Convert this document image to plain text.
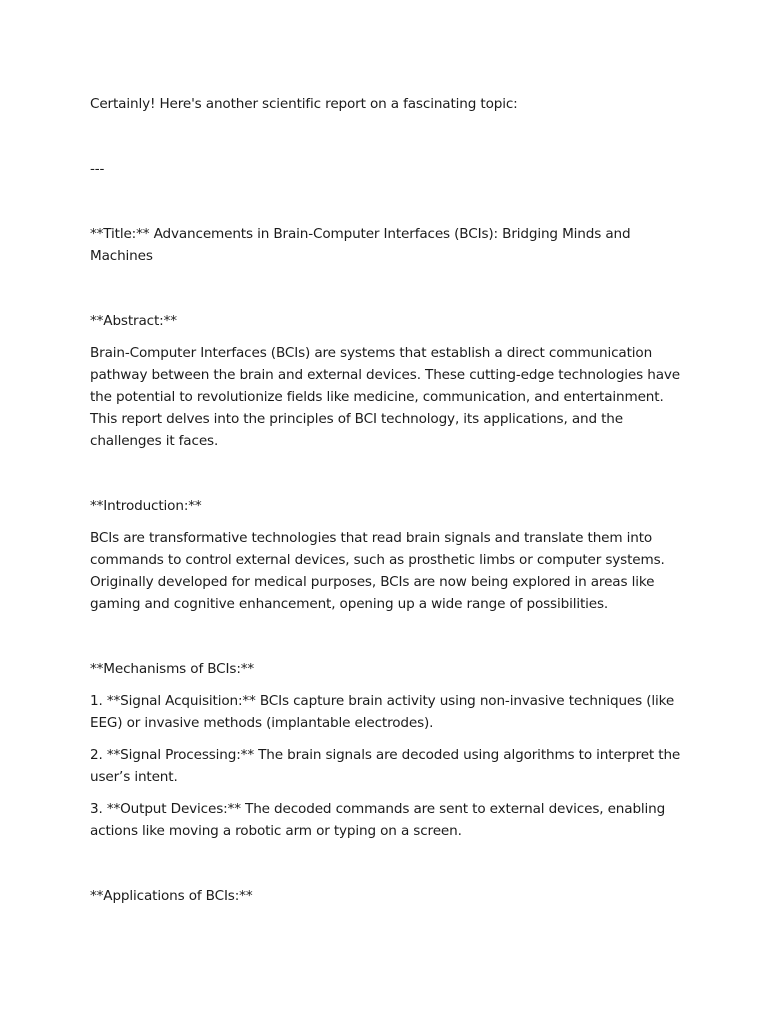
Certainly! Here's another scientific report on a fascinating topic:

---

**Title:** Advancements in Brain-Computer Interfaces (BCIs): Bridging Minds and Machines

**Abstract:**

Brain-Computer Interfaces (BCIs) are systems that establish a direct communication pathway between the brain and external devices. These cutting-edge technologies have the potential to revolutionize fields like medicine, communication, and entertainment. This report delves into the principles of BCI technology, its applications, and the challenges it faces.

**Introduction:**

BCIs are transformative technologies that read brain signals and translate them into commands to control external devices, such as prosthetic limbs or computer systems. Originally developed for medical purposes, BCIs are now being explored in areas like gaming and cognitive enhancement, opening up a wide range of possibilities.

**Mechanisms of BCIs:**

1. **Signal Acquisition:** BCIs capture brain activity using non-invasive techniques (like EEG) or invasive methods (implantable electrodes).

2. **Signal Processing:** The brain signals are decoded using algorithms to interpret the user’s intent.

3. **Output Devices:** The decoded commands are sent to external devices, enabling actions like moving a robotic arm or typing on a screen.

**Applications of BCIs:**
